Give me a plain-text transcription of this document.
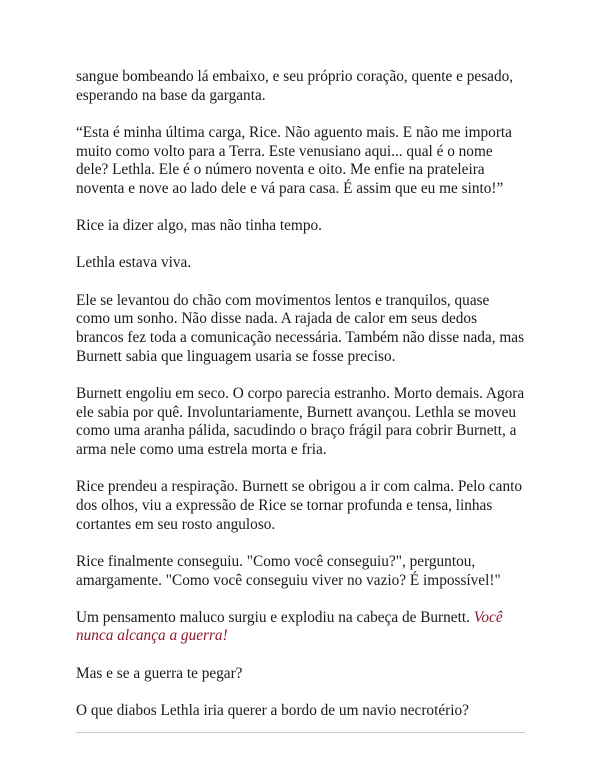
sangue bombeando lá embaixo, e seu próprio coração, quente e pesado, esperando na base da garganta.

“Esta é minha última carga, Rice. Não aguento mais. E não me importa muito como volto para a Terra. Este venusiano aqui... qual é o nome dele? Lethla. Ele é o número noventa e oito. Me enfie na prateleira noventa e nove ao lado dele e vá para casa. É assim que eu me sinto!”

Rice ia dizer algo, mas não tinha tempo.

Lethla estava viva.

Ele se levantou do chão com movimentos lentos e tranquilos, quase como um sonho. Não disse nada. A rajada de calor em seus dedos brancos fez toda a comunicação necessária. Também não disse nada, mas Burnett sabia que linguagem usaria se fosse preciso.

Burnett engoliu em seco. O corpo parecia estranho. Morto demais. Agora ele sabia por quê. Involuntariamente, Burnett avançou. Lethla se moveu como uma aranha pálida, sacudindo o braço frágil para cobrir Burnett, a arma nele como uma estrela morta e fria.

Rice prendeu a respiração. Burnett se obrigou a ir com calma. Pelo canto dos olhos, viu a expressão de Rice se tornar profunda e tensa, linhas cortantes em seu rosto anguloso.

Rice finalmente conseguiu. "Como você conseguiu?", perguntou, amargamente. "Como você conseguiu viver no vazio? É impossível!"

Um pensamento maluco surgiu e explodiu na cabeça de Burnett. Você nunca alcança a guerra!

Mas e se a guerra te pegar?

O que diabos Lethla iria querer a bordo de um navio necrotério?
